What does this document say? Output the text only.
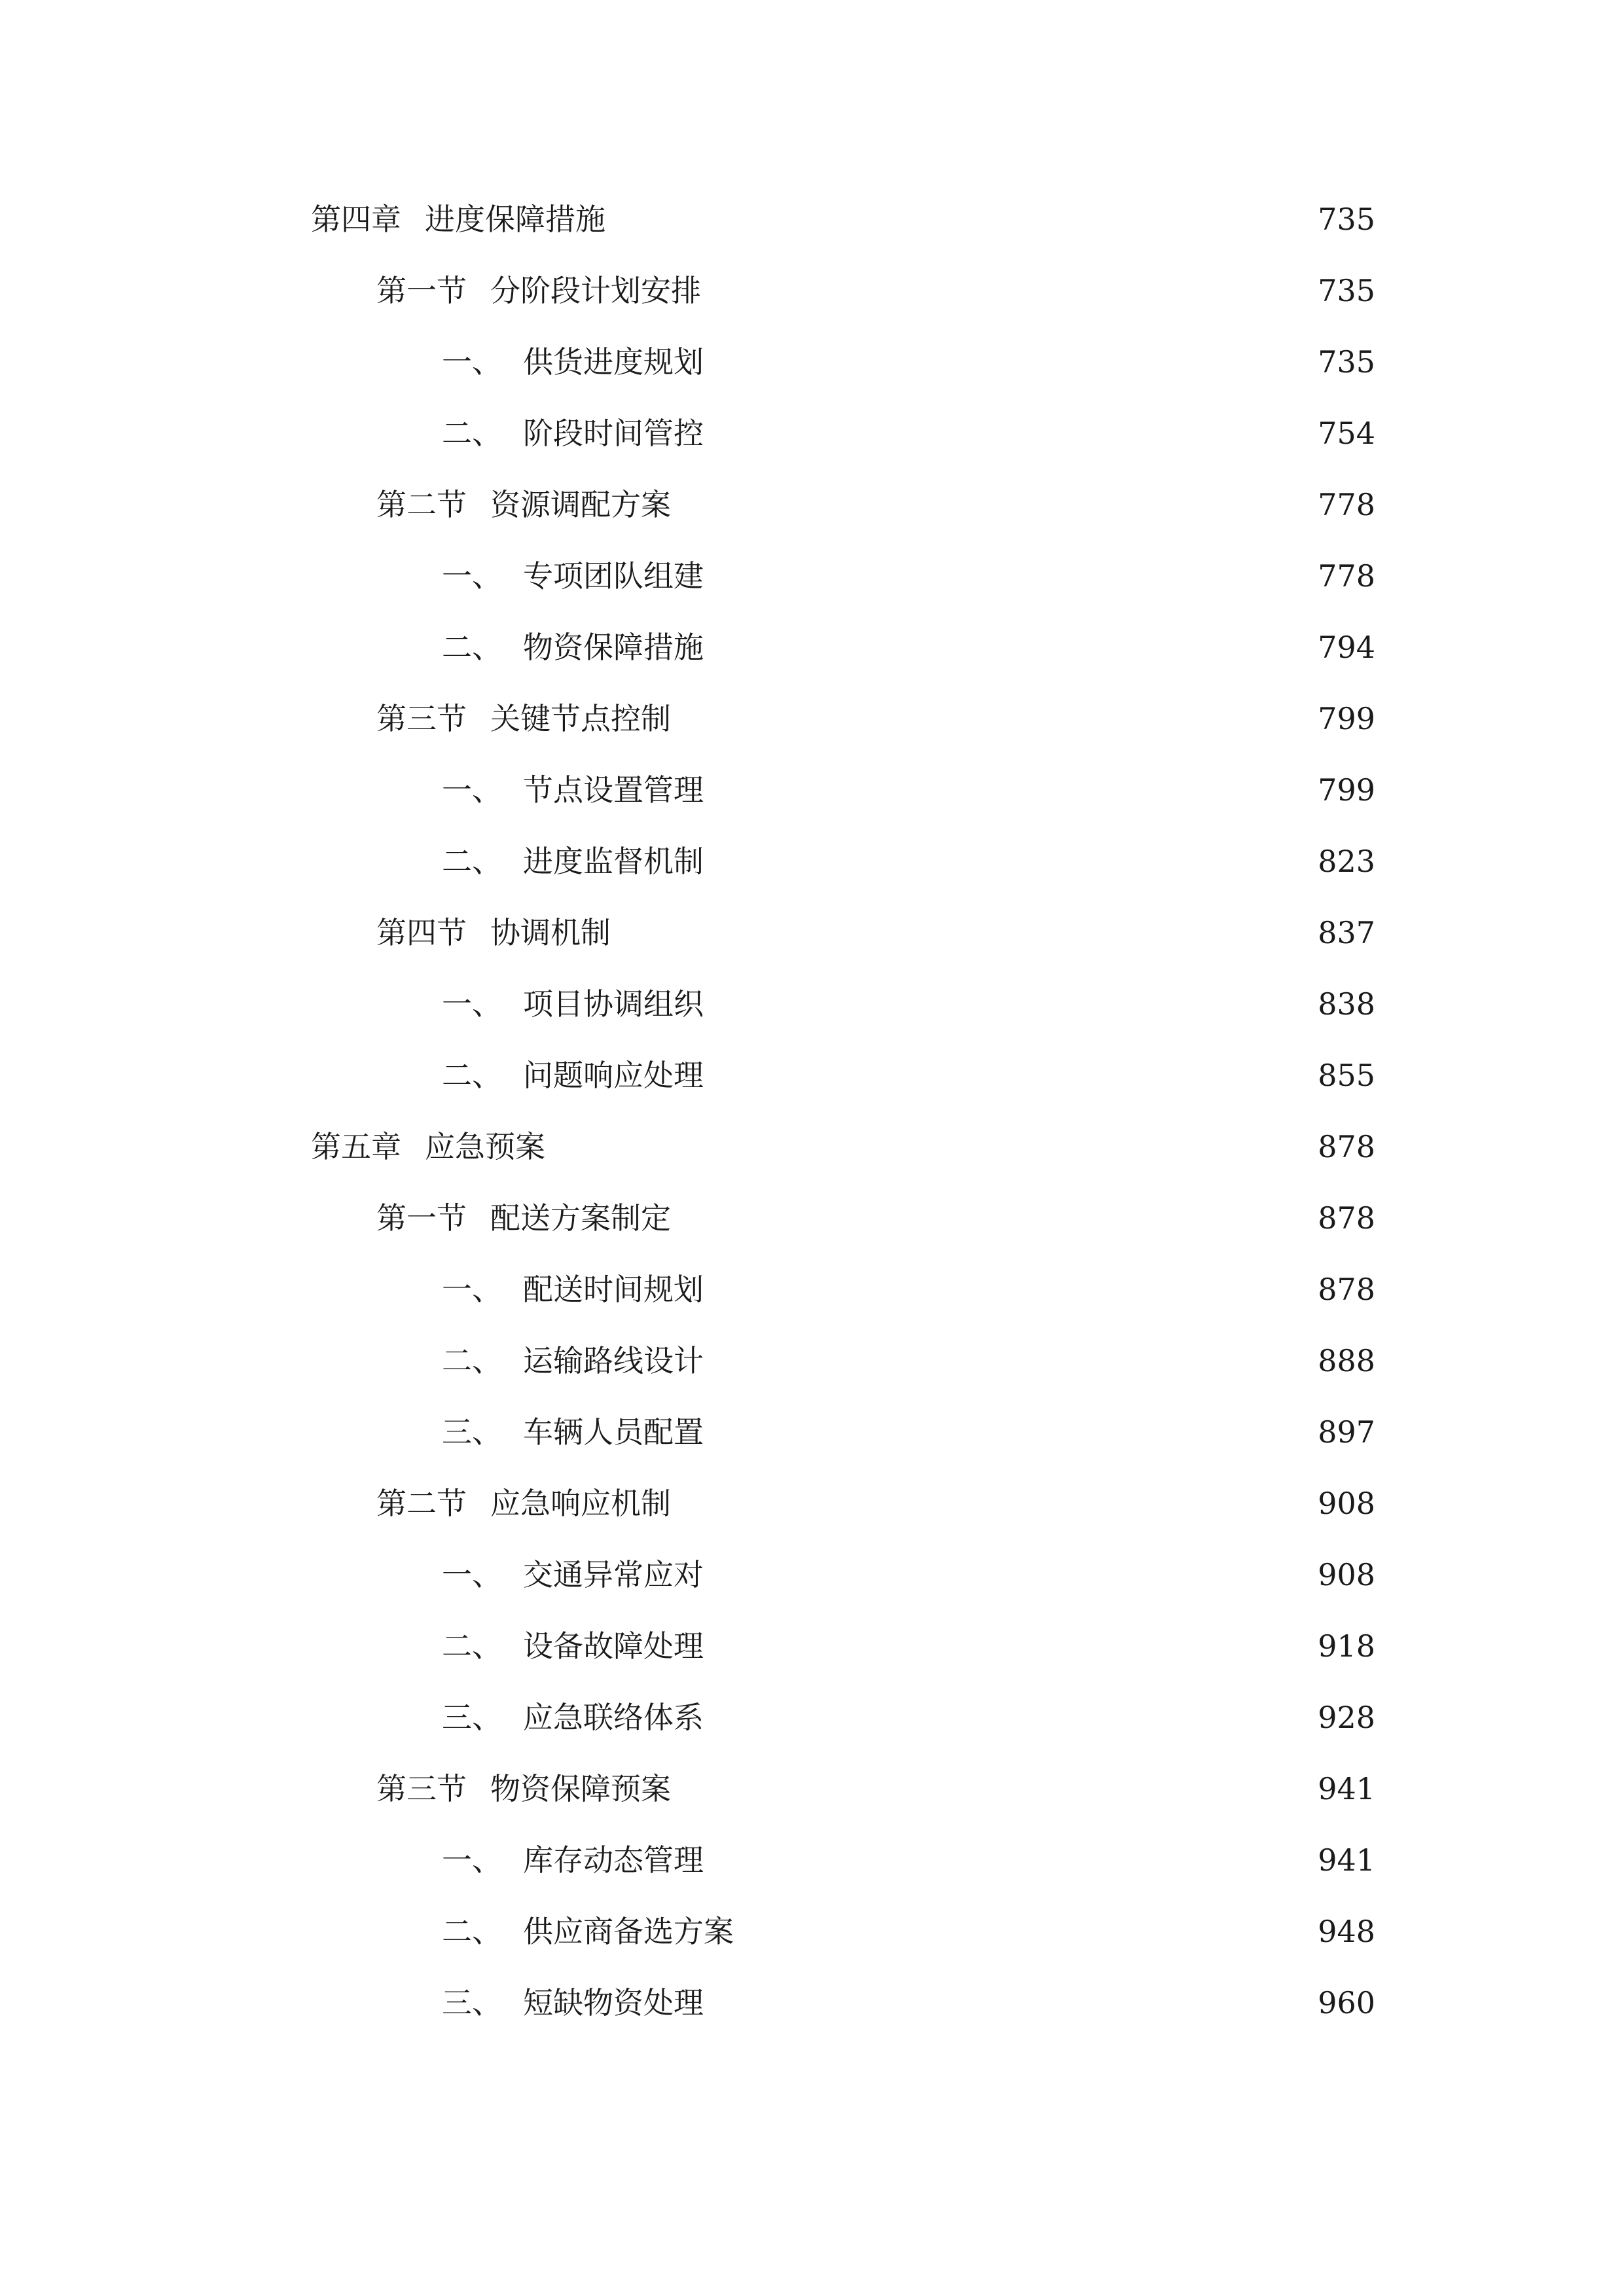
第四章 进度保障措施	735
第一节 分阶段计划安排	735
一、 供货进度规划	735
二、 阶段时间管控	754
第二节 资源调配方案	778
一、 专项团队组建	778
二、 物资保障措施	794
第三节 关键节点控制	799
一、 节点设置管理	799
二、 进度监督机制	823
第四节 协调机制	837
一、 项目协调组织	838
二、 问题响应处理	855
第五章 应急预案	878
第一节 配送方案制定	878
一、 配送时间规划	878
二、 运输路线设计	888
三、 车辆人员配置	897
第二节 应急响应机制	908
一、 交通异常应对	908
二、 设备故障处理	918
三、 应急联络体系	928
第三节 物资保障预案	941
一、 库存动态管理	941
二、 供应商备选方案	948
三、 短缺物资处理	960
